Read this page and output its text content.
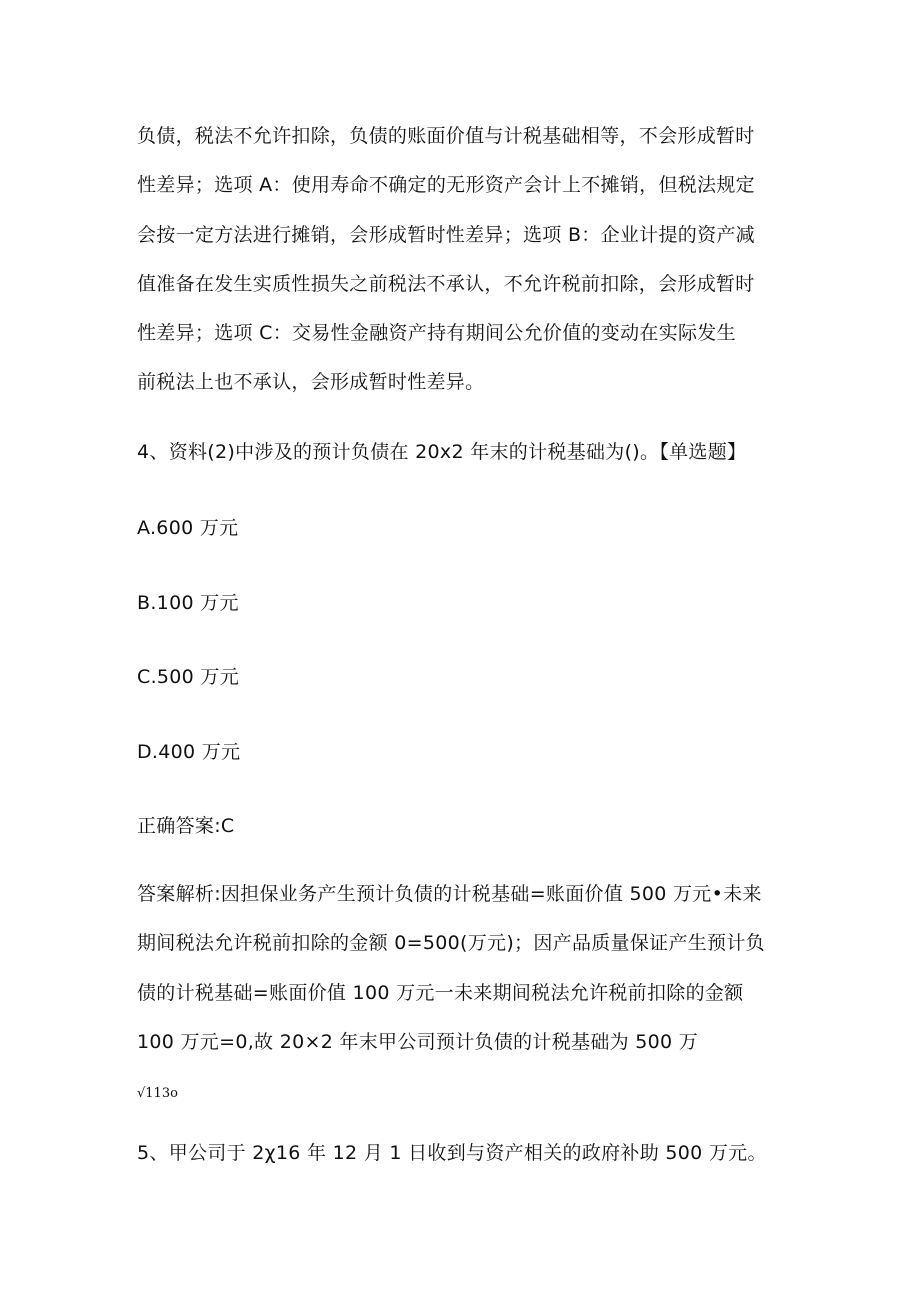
负债，税法不允许扣除，负债的账面价值与计税基础相等，不会形成暂时
性差异；选项 A：使用寿命不确定的无形资产会计上不摊销，但税法规定
会按一定方法进行摊销，会形成暂时性差异；选项 B：企业计提的资产减
值准备在发生实质性损失之前税法不承认，不允许税前扣除，会形成暂时
性差异；选项 C：交易性金融资产持有期间公允价值的变动在实际发生
前税法上也不承认，会形成暂时性差异。
4、资料(2)中涉及的预计负债在 20x2 年末的计税基础为()。【单选题】
A.600 万元
B.100 万元
C.500 万元
D.400 万元
正确答案:C
答案解析:因担保业务产生预计负债的计税基础=账面价值 500 万元•未来
期间税法允许税前扣除的金额 0=500(万元)；因产品质量保证产生预计负
债的计税基础=账面价值 100 万元一未来期间税法允许税前扣除的金额
100 万元=0,故 20×2 年末甲公司预计负债的计税基础为 500 万
√113o
5、甲公司于 2χ16 年 12 月 1 日收到与资产相关的政府补助 500 万元。
